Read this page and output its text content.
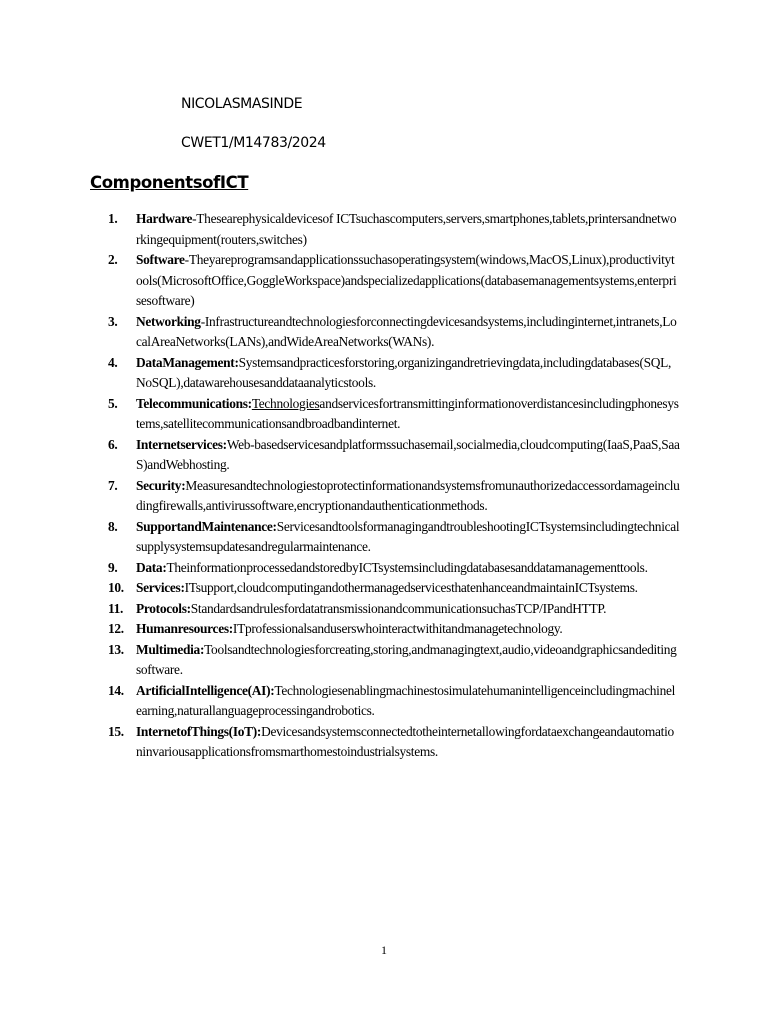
NICOLASMASINDE
CWET1/M14783/2024
ComponentsofICT
1.	Hardware-Thesearephysicaldevicesof ICTsuchascomputers,servers,smartphones,tablets,printersandnetworkingequipment(routers,switches)
2.	Software-Theyareprogramsandapplicationssuchasoperatingsystem(windows,MacOS,Linux),productivitytools(MicrosoftOffice,GoggleWorkspace)andspecializedapplications(databasemanagementsystems,enterprisesoftware)
3.	Networking-Infrastructureandtechnologiesforconnectingdevicesandsystems,includinginternet,intranets,LocalAreaNetworks(LANs),andWideAreaNetworks(WANs).
4.	DataManagement:Systemsandpracticesforstoring,organizingandretrievingdata,includingdatabases(SQL,NoSQL),datawarehousesanddataanalyticstools.
5.	Telecommunications:Technologiesandservicesfortransmittinginformationoverdistancesincludingphonesystems,satellitecommunicationsandbroadbandinternet.
6.	Internetservices:Web-basedservicesandplatformssuchasemail,socialmedia,cloudcomputing(IaaS,PaaS,SaaS)andWebhosting.
7.	Security:Measuresandtechnologiestoprotectinformationandsystemsfromunauthorizedaccessordamageincludingfirewalls,antivirussoftware,encryptionandauthenticationmethods.
8.	SupportandMaintenance:ServicesandtoolsformanagingandtroubleshootingICTsystemsincludingtechnicalsupplysystemsupdatesandregularmaintenance.
9.	Data:TheinformationprocessedandstoredbyICTsystemsincludingdatabasesanddatamanagementtools.
10. Services:ITsupport,cloudcomputingandothermanagedservicesthatenhanceandmaintainICTsystems.
11. Protocols:StandardsandrulesfordatatransmissionandcommunicationsuchasTCP/IPandHTTP.
12. Humanresources:ITprofessionalsanduserswhointeractwithitandmanagetechnology.
13. Multimedia:Toolsandtechnologiesforcreating,storing,andmanagingtext,audio,videoandgraphicsandeditingsoftware.
14. ArtificialIntelligence(AI):Technologiesenablingmachinestosimulatehumanintelligenceincludingmachinelearning,naturallanguageprocessingandrobotics.
15. InternetofThings(IoT):Devicesandsystemsconnectedtotheinternetallowingfordataexchangeandautomationinvariousapplicationsfromsmarthomestoindustrialsystems.
1
